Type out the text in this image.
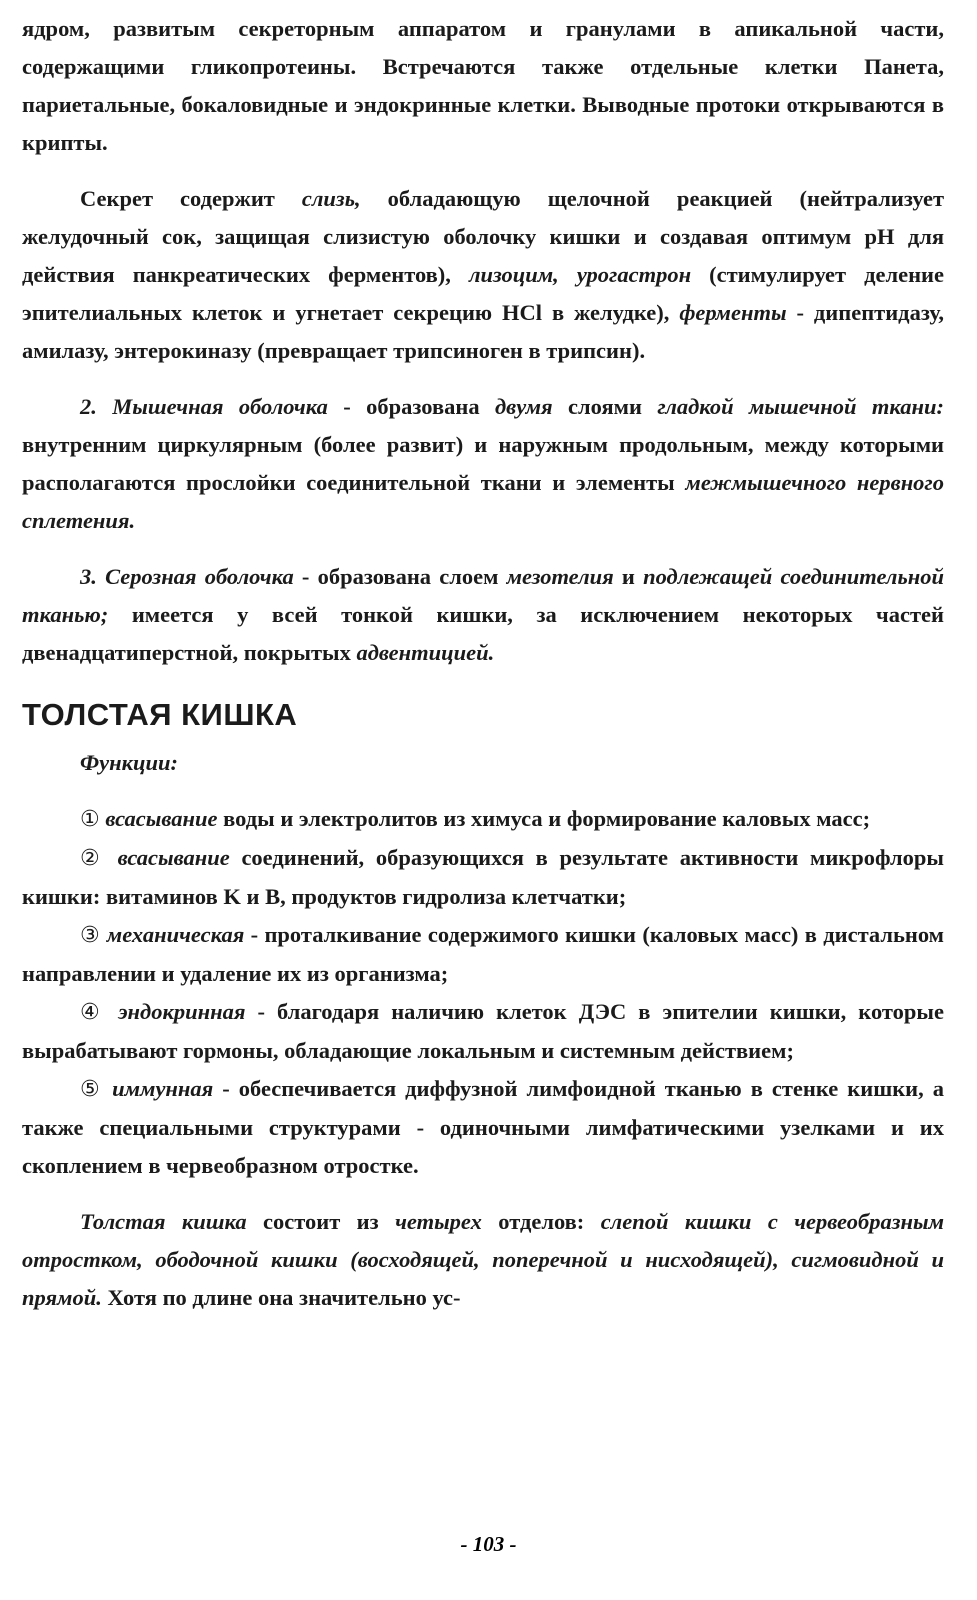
ядром, развитым секреторным аппаратом и гранулами в апикальной части, содержащими гликопротеины. Встречаются также отдельные клетки Панета, париетальные, бокаловидные и эндокринные клетки. Выводные протоки открываются в крипты.

Секрет содержит слизь, обладающую щелочной реакцией (нейтрализует желудочный сок, защищая слизистую оболочку кишки и создавая оптимум pH для действия панкреатических ферментов), лизоцим, урогастрон (стимулирует деление эпителиальных клеток и угнетает секрецию HCl в желудке), ферменты - дипептидазу, амилазу, энтерокиназу (превращает трипсиноген в трипсин).

2. Мышечная оболочка - образована двумя слоями гладкой мышечной ткани: внутренним циркулярным (более развит) и наружным продольным, между которыми располагаются прослойки соединительной ткани и элементы межмышечного нервного сплетения.

3. Серозная оболочка - образована слоем мезотелия и подлежащей соединительной тканью; имеется у всей тонкой кишки, за исключением некоторых частей двенадцатиперстной, покрытых адвентицией.

ТОЛСТАЯ КИШКА

Функции:

① всасывание воды и электролитов из химуса и формирование каловых масс;

② всасывание соединений, образующихся в результате активности микрофлоры кишки: витаминов K и B, продуктов гидролиза клетчатки;

③ механическая - проталкивание содержимого кишки (каловых масс) в дистальном направлении и удаление их из организма;

④ эндокринная - благодаря наличию клеток ДЭС в эпителии кишки, которые вырабатывают гормоны, обладающие локальным и системным действием;

⑤ иммунная - обеспечивается диффузной лимфоидной тканью в стенке кишки, а также специальными структурами - одиночными лимфатическими узелками и их скоплением в червеобразном отростке.

Толстая кишка состоит из четырех отделов: слепой кишки с червеобразным отростком, ободочной кишки (восходящей, поперечной и нисходящей), сигмовидной и прямой. Хотя по длине она значительно ус-

- 103 -
